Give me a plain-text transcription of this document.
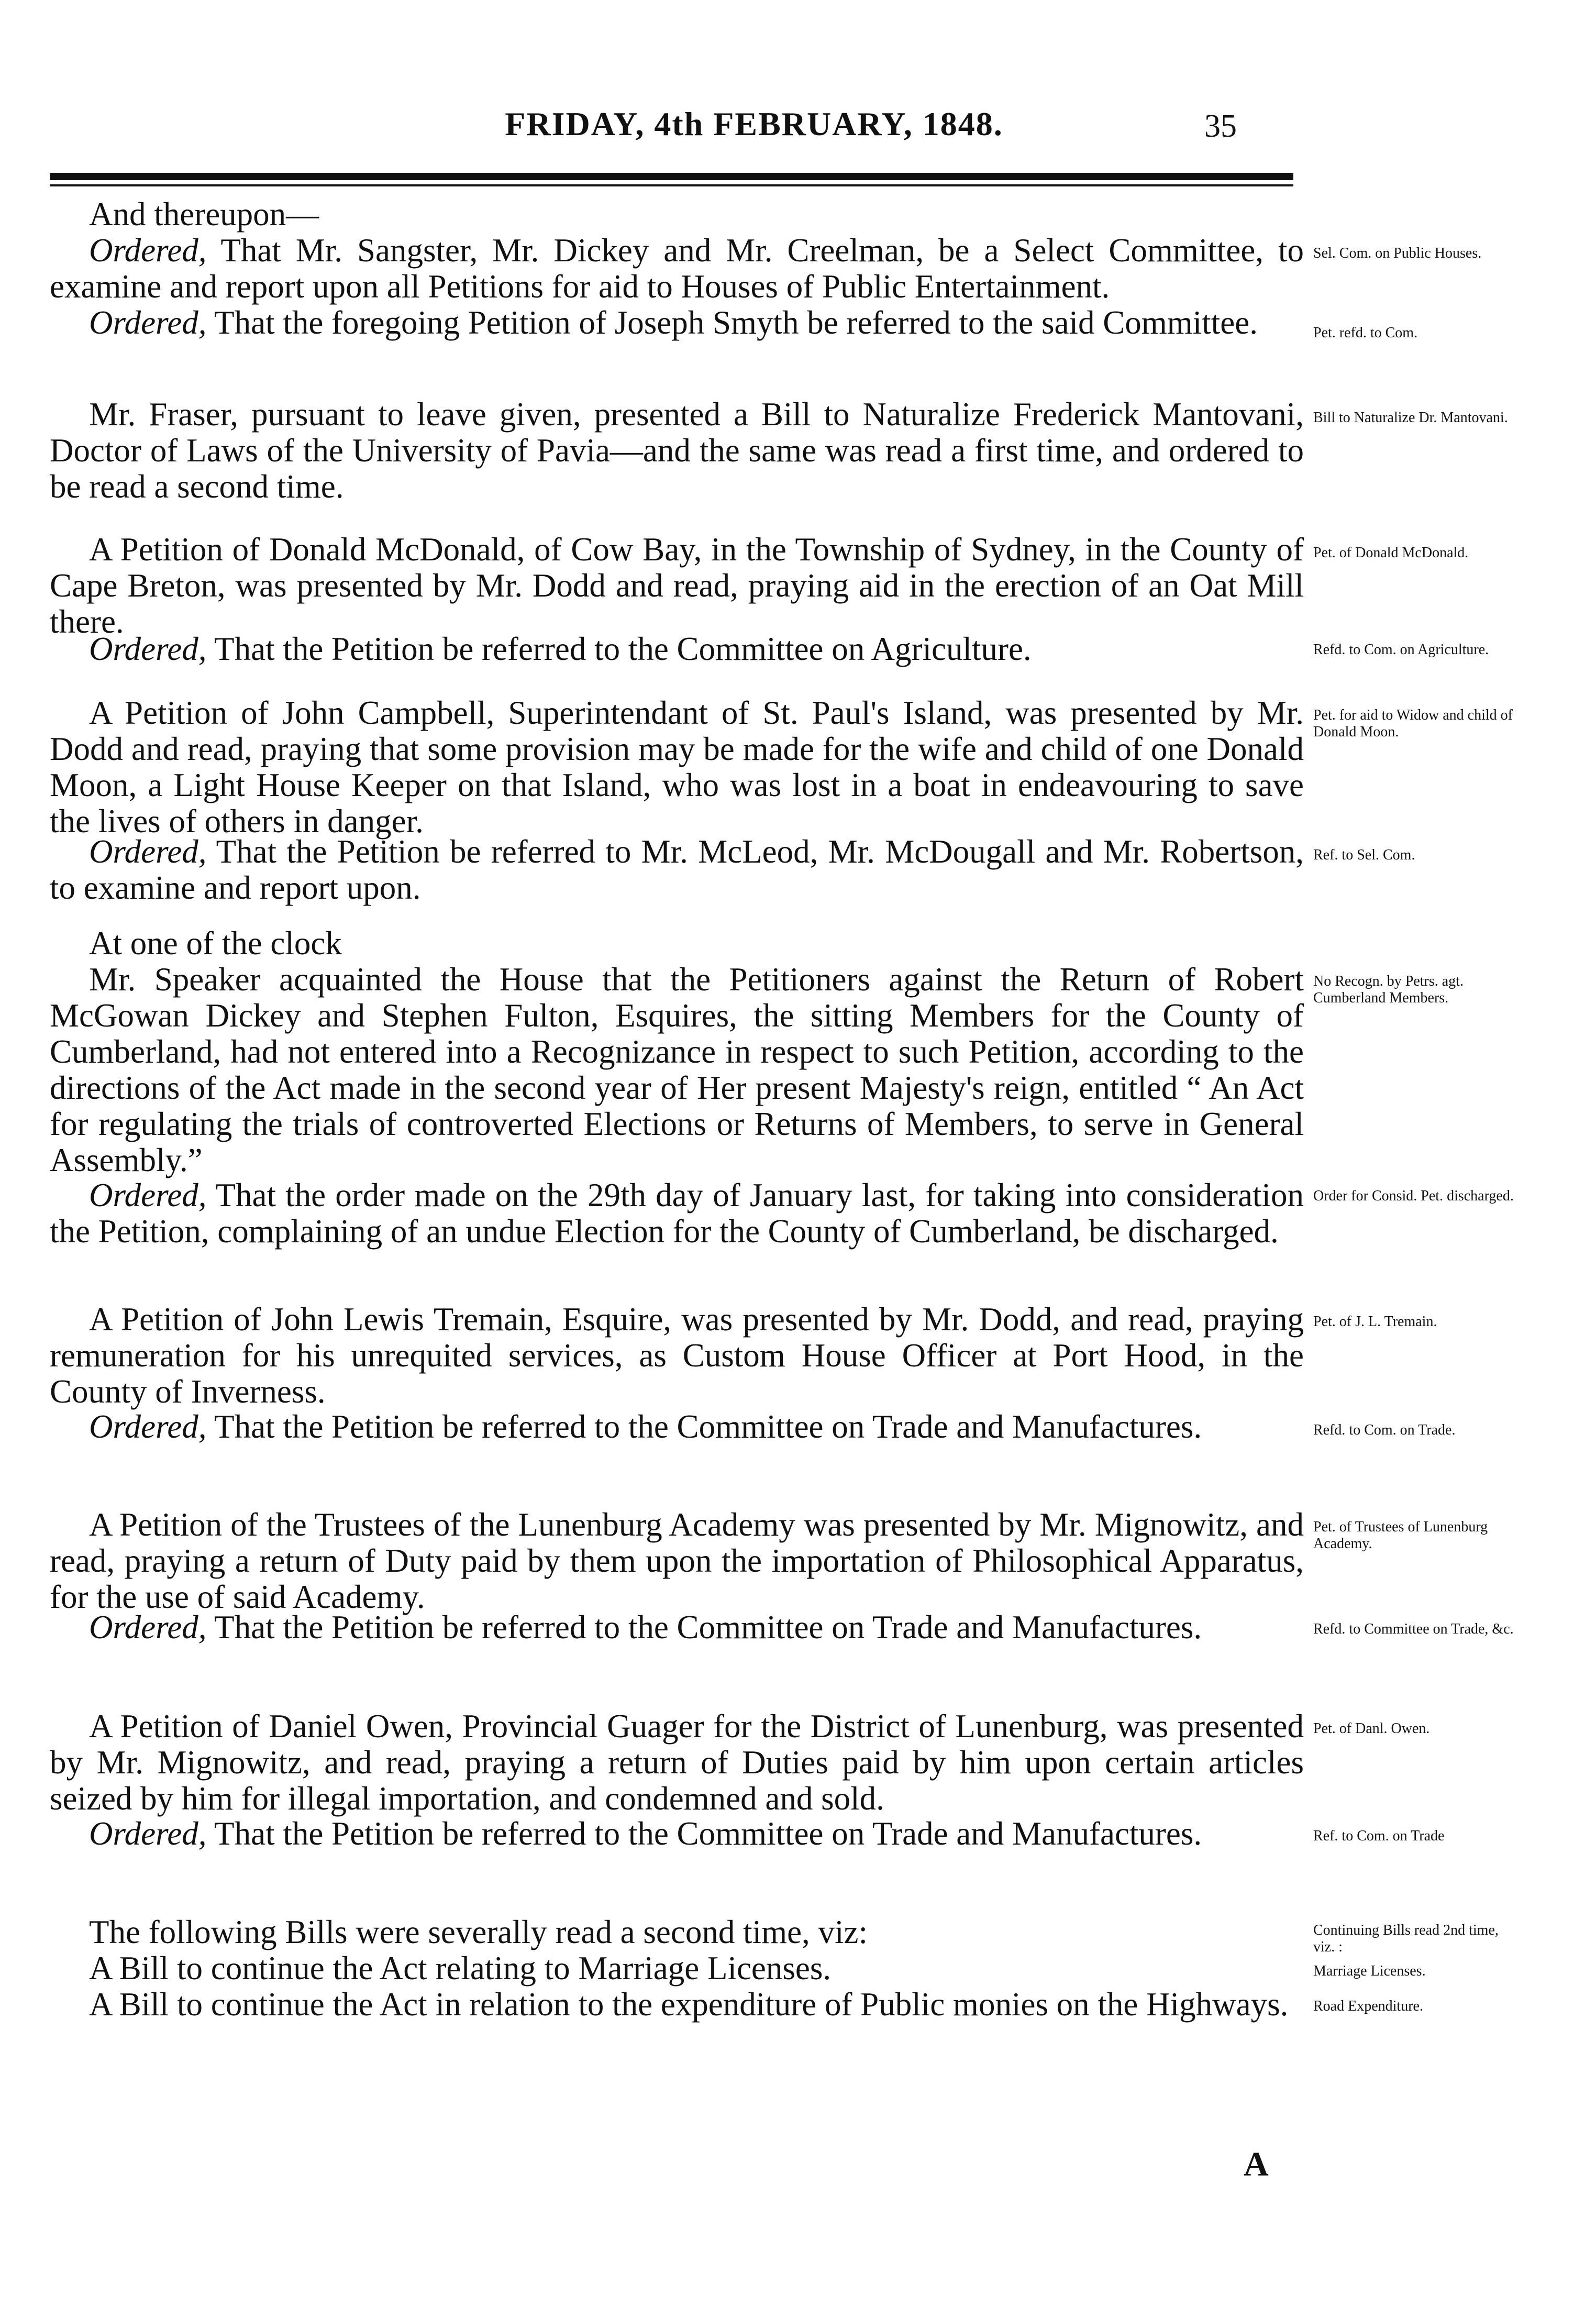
FRIDAY, 4th FEBRUARY, 1848.	35
And thereupon—
Ordered, That Mr. Sangster, Mr. Dickey and Mr. Creelman, be a Select Committee, to examine and report upon all Petitions for aid to Houses of Public Entertainment.
Ordered, That the foregoing Petition of Joseph Smyth be referred to the said Committee.
Mr. Fraser, pursuant to leave given, presented a Bill to Naturalize Frederick Mantovani, Doctor of Laws of the University of Pavia—and the same was read a first time, and ordered to be read a second time.
A Petition of Donald McDonald, of Cow Bay, in the Township of Sydney, in the County of Cape Breton, was presented by Mr. Dodd and read, praying aid in the erection of an Oat Mill there.
Ordered, That the Petition be referred to the Committee on Agriculture.
A Petition of John Campbell, Superintendant of St. Paul's Island, was presented by Mr. Dodd and read, praying that some provision may be made for the wife and child of one Donald Moon, a Light House Keeper on that Island, who was lost in a boat in endeavouring to save the lives of others in danger.
Ordered, That the Petition be referred to Mr. McLeod, Mr. McDougall and Mr. Robertson, to examine and report upon.
At one of the clock
Mr. Speaker acquainted the House that the Petitioners against the Return of Robert McGowan Dickey and Stephen Fulton, Esquires, the sitting Members for the County of Cumberland, had not entered into a Recognizance in respect to such Petition, according to the directions of the Act made in the second year of Her present Majesty's reign, entitled “ An Act for regulating the trials of controverted Elections or Returns of Members, to serve in General Assembly.”
Ordered, That the order made on the 29th day of January last, for taking into consideration the Petition, complaining of an undue Election for the County of Cumberland, be discharged.
A Petition of John Lewis Tremain, Esquire, was presented by Mr. Dodd, and read, praying remuneration for his unrequited services, as Custom House Officer at Port Hood, in the County of Inverness.
Ordered, That the Petition be referred to the Committee on Trade and Manufactures.
A Petition of the Trustees of the Lunenburg Academy was presented by Mr. Mignowitz, and read, praying a return of Duty paid by them upon the importation of Philosophical Apparatus, for the use of said Academy.
Ordered, That the Petition be referred to the Committee on Trade and Manufactures.
A Petition of Daniel Owen, Provincial Guager for the District of Lunenburg, was presented by Mr. Mignowitz, and read, praying a return of Duties paid by him upon certain articles seized by him for illegal importation, and condemned and sold.
Ordered, That the Petition be referred to the Committee on Trade and Manufactures.
The following Bills were severally read a second time, viz:
A Bill to continue the Act relating to Marriage Licenses.
A Bill to continue the Act in relation to the expenditure of Public monies on the Highways.
Sel. Com. on Public Houses.
Pet. refd. to Com.
Bill to Naturalize Dr. Mantovani.
Pet. of Donald McDonald.
Refd. to Com. on Agriculture.
Pet. for aid to Widow and child of Donald Moon.
Ref. to Sel. Com.
No Recogn. by Petrs. agt. Cumberland Members.
Order for Consid. Pet. discharged.
Pet. of J. L. Tremain.
Refd. to Com. on Trade.
Pet. of Trustees of Lunenburg Academy.
Refd. to Committee on Trade, &c.
Pet. of Danl. Owen.
Ref. to Com. on Trade
Continuing Bills read 2nd time, viz. :
Marriage Licenses.
Road Expenditure.
A
